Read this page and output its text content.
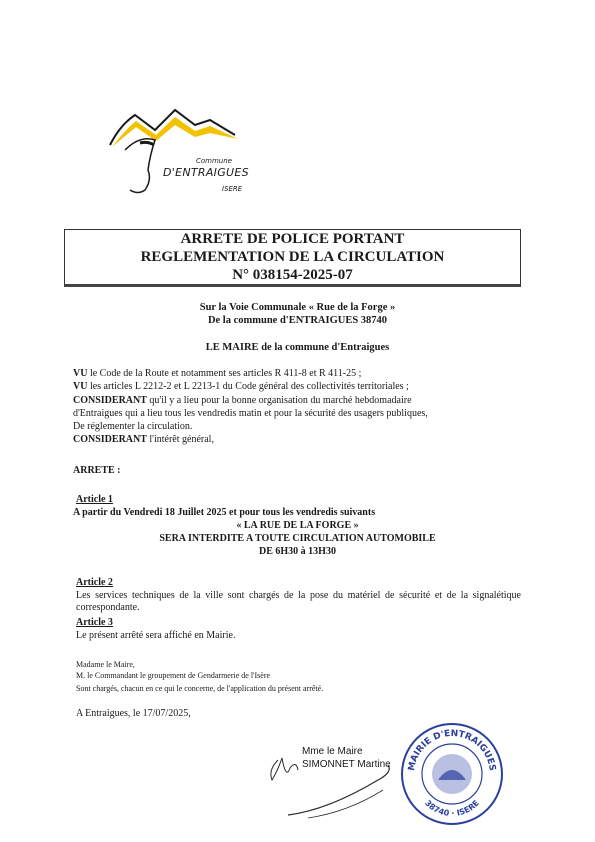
Commune
D'ENTRAIGUES
ISERE
ARRETE DE POLICE PORTANT
REGLEMENTATION DE LA CIRCULATION
N° 038154-2025-07
Sur la Voie Communale « Rue de la Forge »
De la commune d'ENTRAIGUES 38740
LE MAIRE de la commune d'Entraigues
VU le Code de la Route et notamment ses articles R 411-8 et R 411-25 ;
VU les articles L 2212-2 et L 2213-1 du Code général des collectivités territoriales ;
CONSIDERANT qu'il y a lieu pour la bonne organisation du marché hebdomadaire
d'Entraigues qui a lieu tous les vendredis matin et pour la sécurité des usagers publiques,
De réglementer la circulation.
CONSIDERANT l'intérêt général,
ARRETE :
Article 1
A partir du Vendredi 18 Juillet 2025 et pour tous les vendredis suivants
« LA RUE DE LA FORGE »
SERA INTERDITE A TOUTE CIRCULATION AUTOMOBILE
DE 6H30 à 13H30
Article 2
Les services techniques de la ville sont chargés de la pose du matériel de sécurité et de la signalétique correspondante.
Article 3
Le présent arrêté sera affiché en Mairie.
Madame le Maire,
M. le Commandant le groupement de Gendarmerie de l'Isère
Sont chargés, chacun en ce qui le concerne, de l'application du présent arrêté.
A Entraigues, le 17/07/2025,
Mme le Maire
SIMONNET Martine MAIRIE D'ENTRAIGUES
38740 · ISERE
